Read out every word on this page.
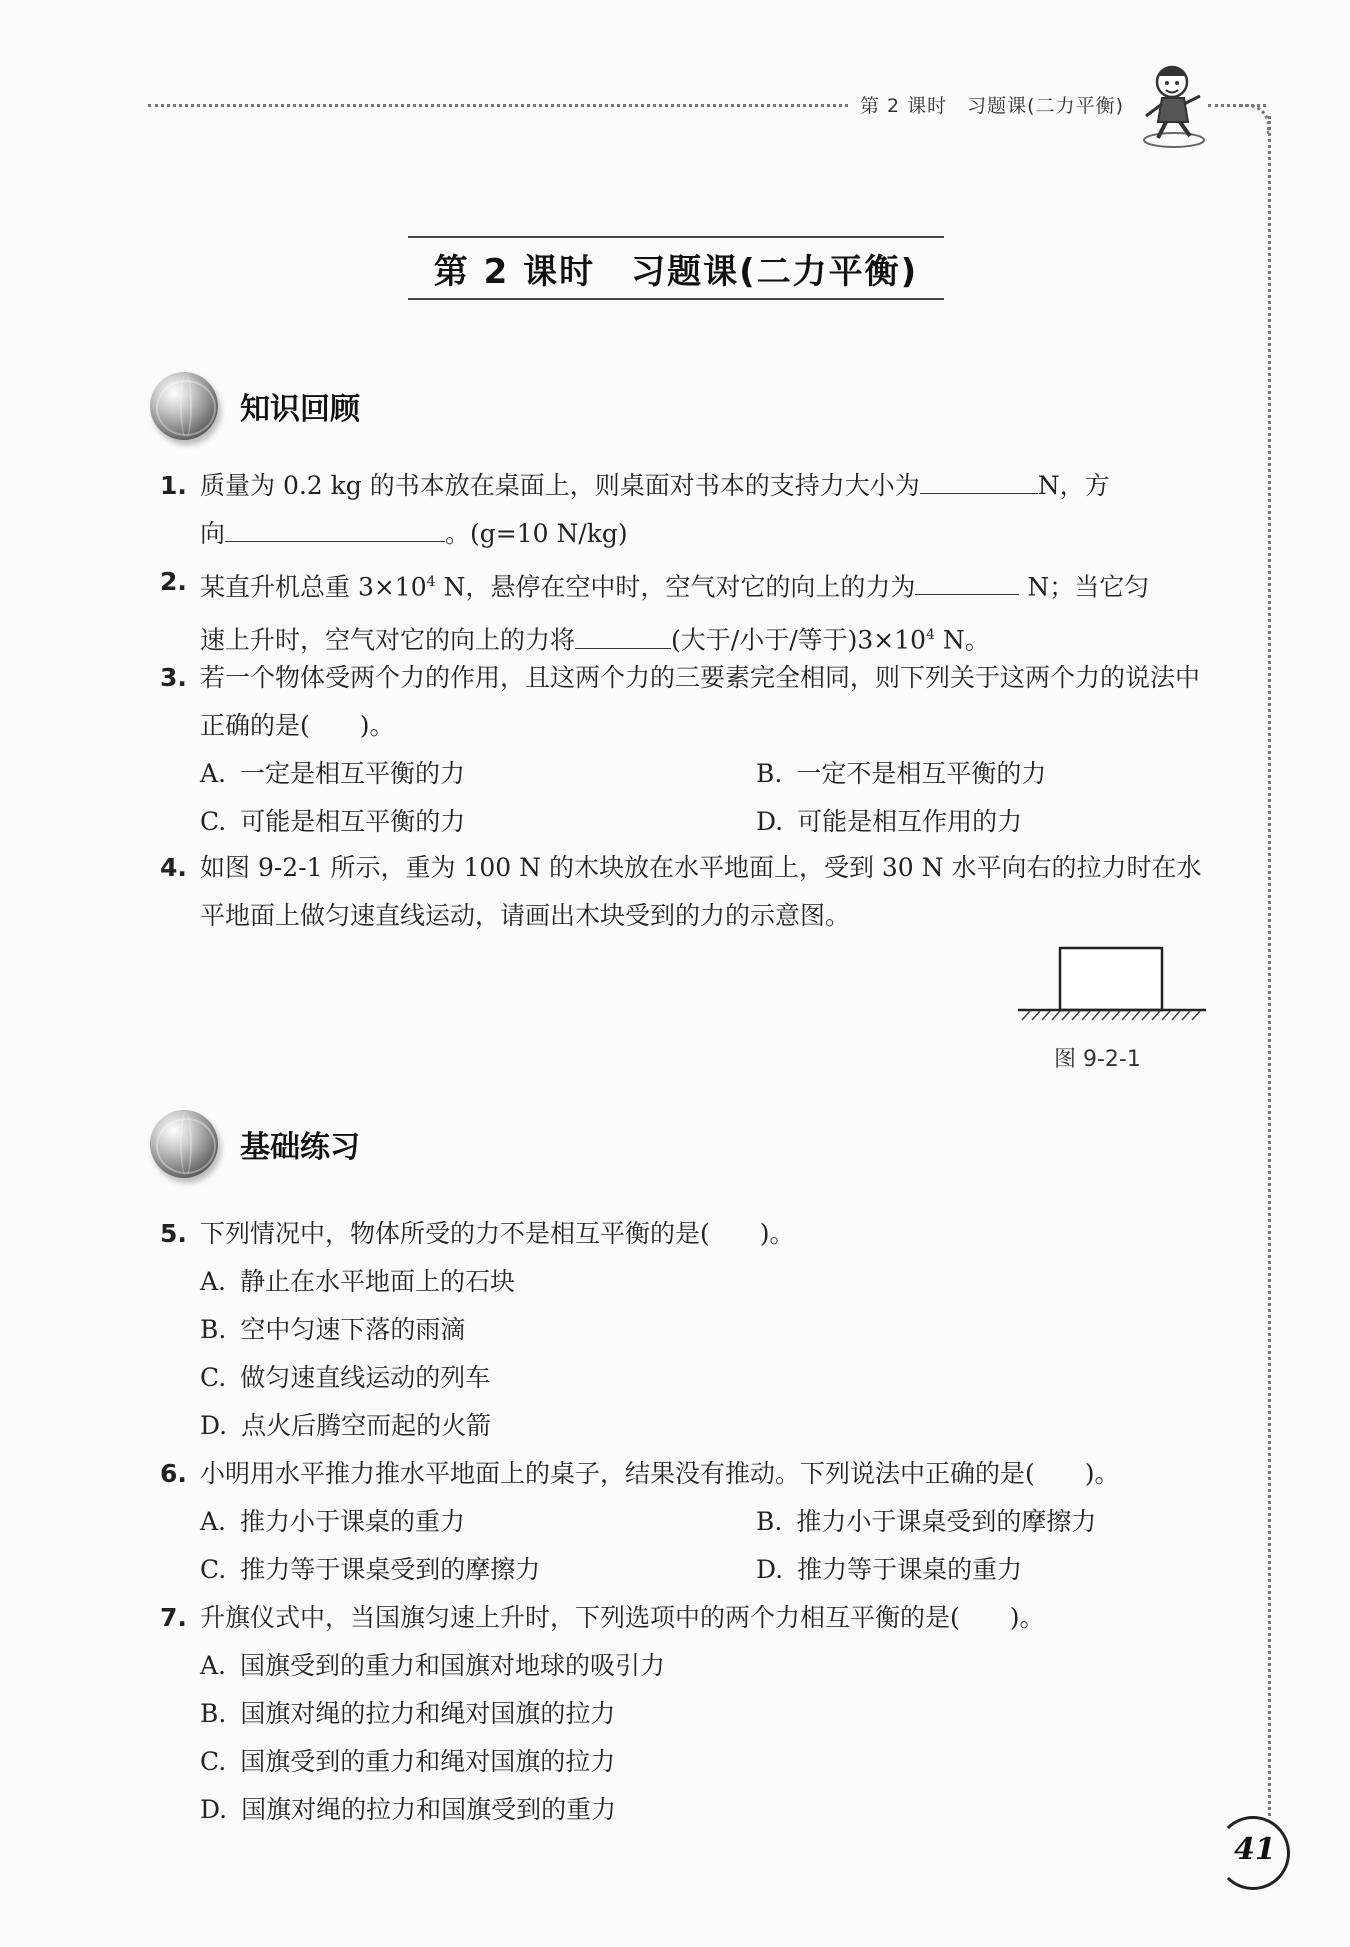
第 2 课时　习题课(二力平衡)
第 2 课时　习题课(二力平衡)
知识回顾
1. 质量为 0.2 kg 的书本放在桌面上，则桌面对书本的支持力大小为	N，方
向	。(g=10 N/kg)
2. 某直升机总重 $3\times 10^4$ N，悬停在空中时，空气对它的向上的力为	N；当它匀
速上升时，空气对它的向上的力将	(大于/小于/等于)$3\times 10^4$ N。
3. 若一个物体受两个力的作用，且这两个力的三要素完全相同，则下列关于这两个力的说法中正确的是(　　)。
A. 一定是相互平衡的力	B. 一定不是相互平衡的力
C. 可能是相互平衡的力	D. 可能是相互作用的力
4. 如图 9-2-1 所示，重为 100 N 的木块放在水平地面上，受到 30 N 水平向右的拉力时在水平地面上做匀速直线运动，请画出木块受到的力的示意图。
图 9-2-1
基础练习
5. 下列情况中，物体所受的力不是相互平衡的是(　　)。
A. 静止在水平地面上的石块
B. 空中匀速下落的雨滴
C. 做匀速直线运动的列车
D. 点火后腾空而起的火箭
6. 小明用水平推力推水平地面上的桌子，结果没有推动。下列说法中正确的是(　　)。
A. 推力小于课桌的重力	B. 推力小于课桌受到的摩擦力
C. 推力等于课桌受到的摩擦力	D. 推力等于课桌的重力
7. 升旗仪式中，当国旗匀速上升时，下列选项中的两个力相互平衡的是(　　)。
A. 国旗受到的重力和国旗对地球的吸引力
B. 国旗对绳的拉力和绳对国旗的拉力
C. 国旗受到的重力和绳对国旗的拉力
D. 国旗对绳的拉力和国旗受到的重力
41
